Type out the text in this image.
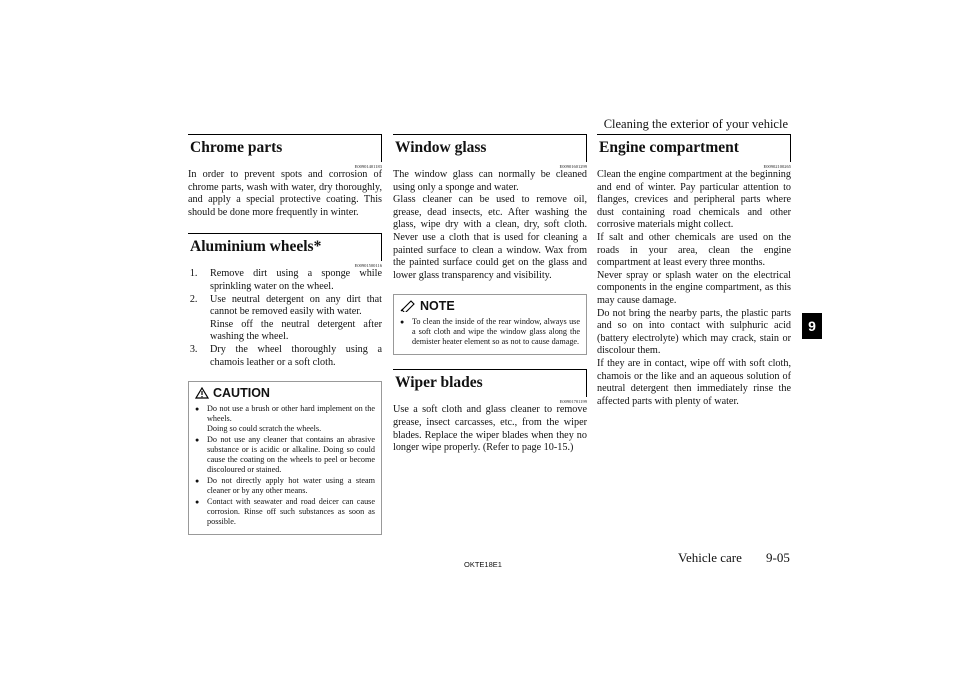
Cleaning the exterior of your vehicle
Chrome parts
E00901401183

In order to prevent spots and corrosion of chrome parts, wash with water, dry thoroughly, and apply a special protective coating. This should be done more frequently in winter.

Aluminium wheels*
E00901500116
1. Remove dirt using a sponge while sprinkling water on the wheel.
2. Use neutral detergent on any dirt that cannot be removed easily with water.

Rinse off the neutral detergent after washing the wheel.

3. Dry the wheel thoroughly using a chamois leather or a soft cloth.
CAUTION
● Do not use a brush or other hard implement on the wheels.
Doing so could scratch the wheels.
● Do not use any cleaner that contains an abrasive substance or is acidic or alkaline. Doing so could cause the coating on the wheels to peel or become discoloured or stained.
● Do not directly apply hot water using a steam cleaner or by any other means.
● Contact with seawater and road deicer can cause corrosion. Rinse off such substances as soon as possible.
Window glass
E00901601299

The window glass can normally be cleaned using only a sponge and water.

Glass cleaner can be used to remove oil, grease, dead insects, etc. After washing the glass, wipe dry with a clean, dry, soft cloth. Never use a cloth that is used for cleaning a painted surface to clean a window. Wax from the painted surface could get on the glass and lower glass transparency and visibility.

NOTE
● To clean the inside of the rear window, always use a soft cloth and wipe the window glass along the demister heater element so as not to cause damage.
Wiper blades
E00901701199

Use a soft cloth and glass cleaner to remove grease, insect carcasses, etc., from the wiper blades. Replace the wiper blades when they no longer wipe properly. (Refer to page 10-15.)

Engine compartment
E00902100265

Clean the engine compartment at the beginning and end of winter. Pay particular attention to flanges, crevices and peripheral parts where dust containing road chemicals and other corrosive materials might collect.

If salt and other chemicals are used on the roads in your area, clean the engine compartment at least every three months.

Never spray or splash water on the electrical components in the engine compartment, as this may cause damage.

Do not bring the nearby parts, the plastic parts and so on into contact with sulphuric acid (battery electrolyte) which may crack, stain or discolour them.

If they are in contact, wipe off with soft cloth, chamois or the like and an aqueous solution of neutral detergent then immediately rinse the affected parts with plenty of water.

9
OKTE18E1	Vehicle care 9-05
